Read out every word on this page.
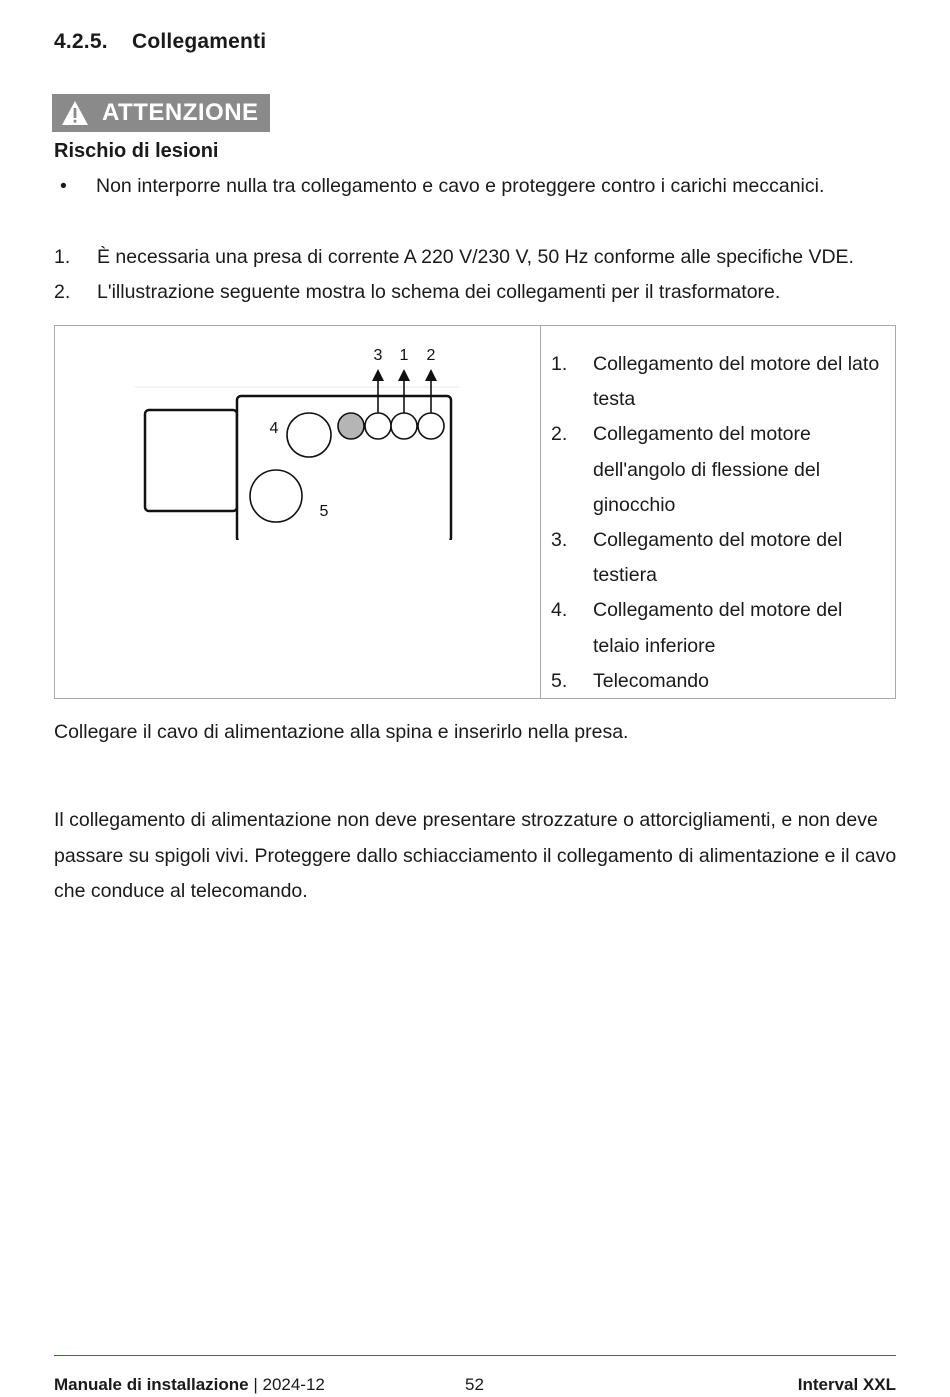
4.2.5. Collegamenti
ATTENZIONE
Rischio di lesioni
•	Non interporre nulla tra collegamento e cavo e proteggere contro i carichi meccanici.
1.	È necessaria una presa di corrente A 220 V/230 V, 50 Hz conforme alle specifiche VDE.
2.	L'illustrazione seguente mostra lo schema dei collegamenti per il trasformatore.
3 1 2
4
5
1.	Collegamento del motore del lato testa
2.	Collegamento del motore dell'angolo di flessione del ginocchio
3.	Collegamento del motore del testiera
4.	Collegamento del motore del telaio inferiore
5.	Telecomando

Collegare il cavo di alimentazione alla spina e inserirlo nella presa.

Il collegamento di alimentazione non deve presentare strozzature o attorcigliamenti, e non deve passare su spigoli vivi. Proteggere dallo schiacciamento il collegamento di alimentazione e il cavo che conduce al telecomando.

Manuale di installazione | 2024-12	52	Interval XXL
